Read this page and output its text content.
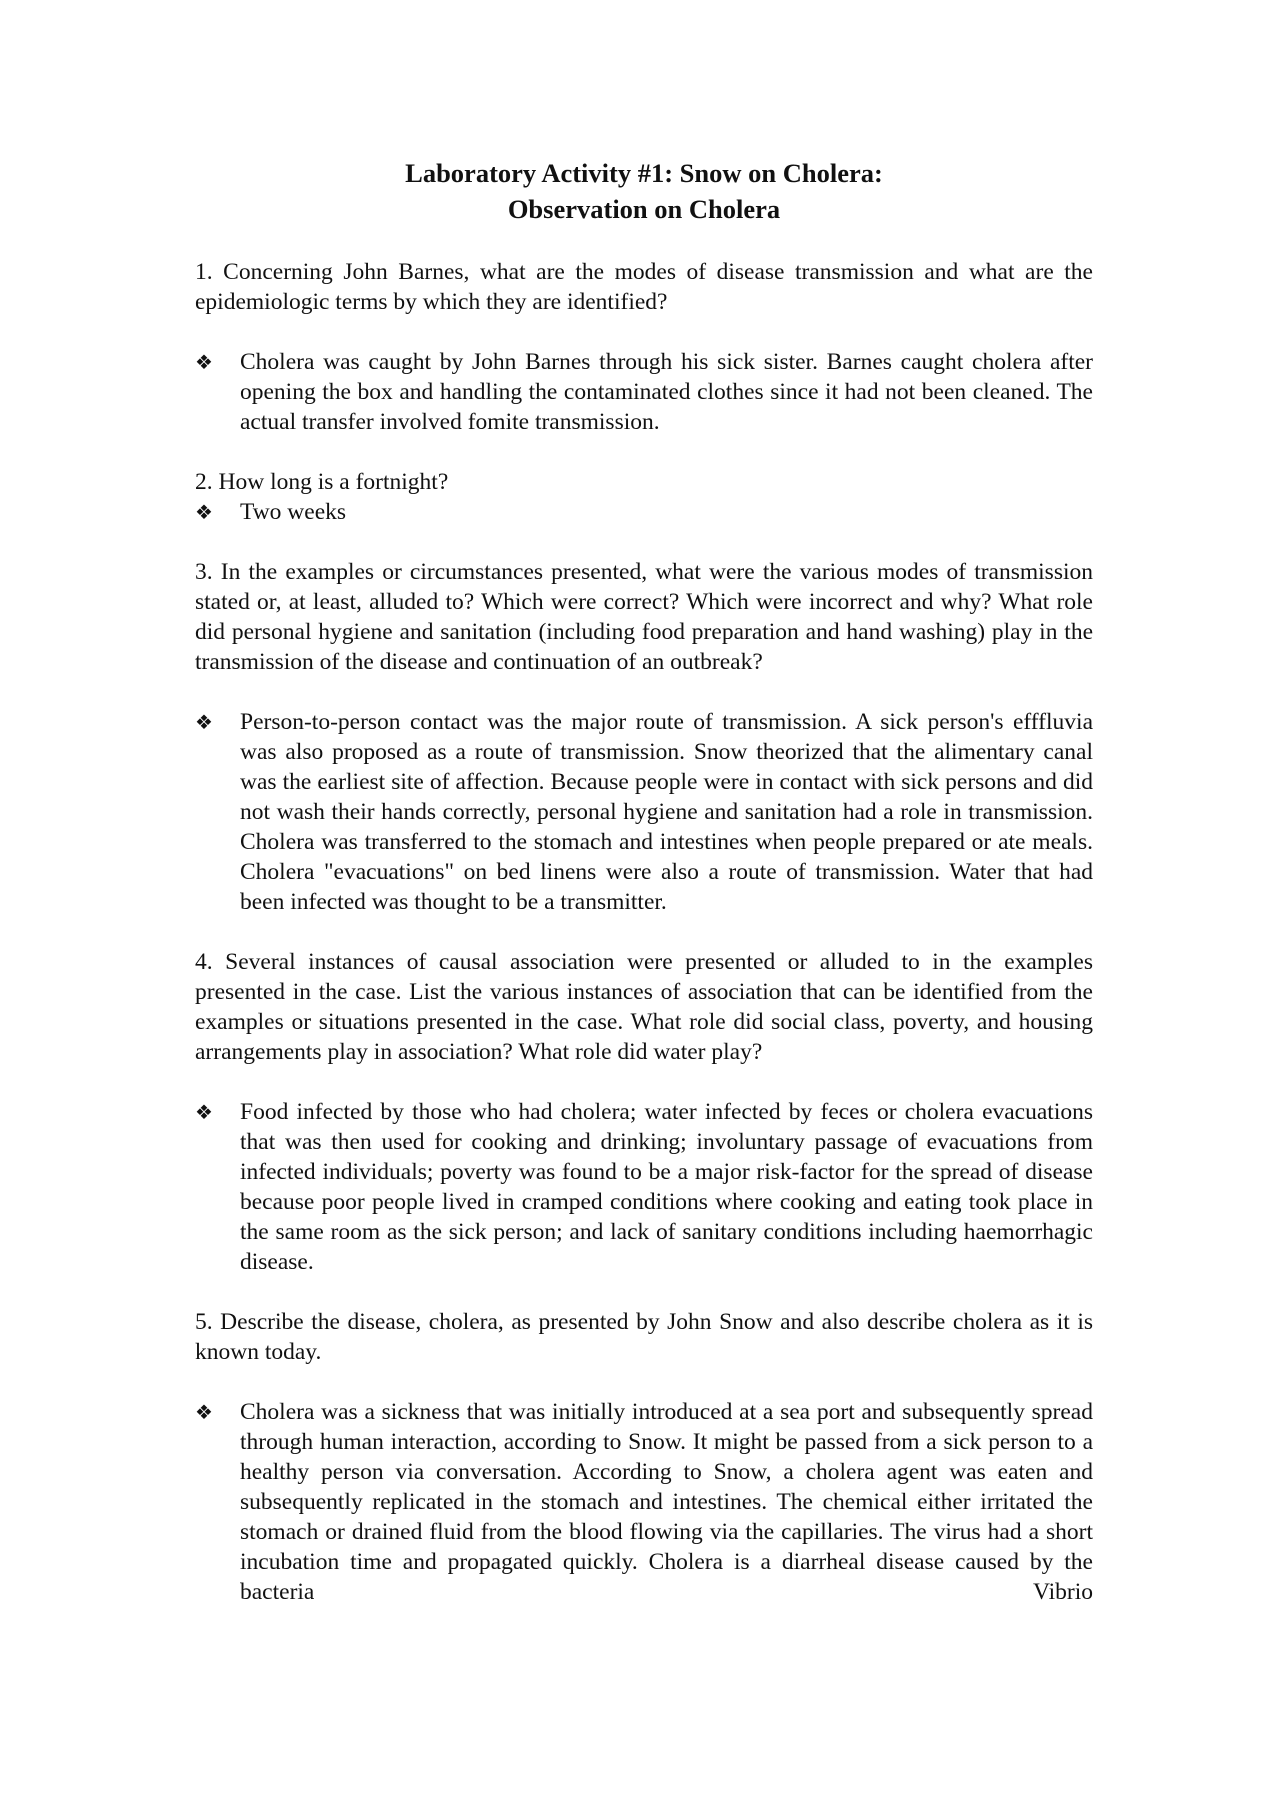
Laboratory Activity #1: Snow on Cholera:
Observation on Cholera

1. Concerning John Barnes, what are the modes of disease transmission and what are the epidemiologic terms by which they are identified?

❖ Cholera was caught by John Barnes through his sick sister. Barnes caught cholera after opening the box and handling the contaminated clothes since it had not been cleaned. The actual transfer involved fomite transmission.

2. How long is a fortnight?

❖ Two weeks

3. In the examples or circumstances presented, what were the various modes of transmission stated or, at least, alluded to? Which were correct? Which were incorrect and why? What role did personal hygiene and sanitation (including food preparation and hand washing) play in the transmission of the disease and continuation of an outbreak?

❖ Person-to-person contact was the major route of transmission. A sick person's efffluvia was also proposed as a route of transmission. Snow theorized that the alimentary canal was the earliest site of affection. Because people were in contact with sick persons and did not wash their hands correctly, personal hygiene and sanitation had a role in transmission. Cholera was transferred to the stomach and intestines when people prepared or ate meals. Cholera "evacuations" on bed linens were also a route of transmission. Water that had been infected was thought to be a transmitter.

4. Several instances of causal association were presented or alluded to in the examples presented in the case. List the various instances of association that can be identified from the examples or situations presented in the case. What role did social class, poverty, and housing arrangements play in association? What role did water play?

❖ Food infected by those who had cholera; water infected by feces or cholera evacuations that was then used for cooking and drinking; involuntary passage of evacuations from infected individuals; poverty was found to be a major risk-factor for the spread of disease because poor people lived in cramped conditions where cooking and eating took place in the same room as the sick person; and lack of sanitary conditions including haemorrhagic disease.

5. Describe the disease, cholera, as presented by John Snow and also describe cholera as it is known today.

❖ Cholera was a sickness that was initially introduced at a sea port and subsequently spread through human interaction, according to Snow. It might be passed from a sick person to a healthy person via conversation. According to Snow, a cholera agent was eaten and subsequently replicated in the stomach and intestines. The chemical either irritated the stomach or drained fluid from the blood flowing via the capillaries. The virus had a short incubation time and propagated quickly. Cholera is a diarrheal disease caused by the bacteria Vibrio
